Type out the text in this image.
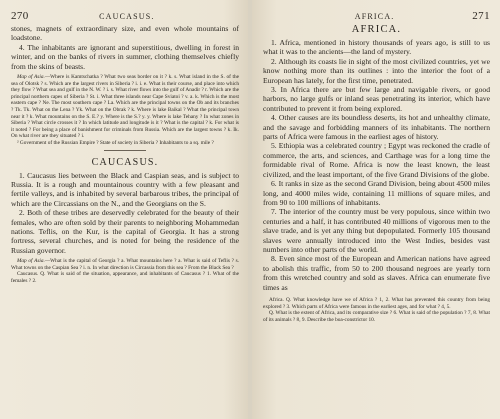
270	CAUCASUS.

stones, magnets of extraordinary size, and even whole mountains of loadstone.

4. The inhabitants are ignorant and superstitious, dwelling in forest in winter, and on the banks of rivers in summer, clothing themselves chiefly from the skins of beasts.

Map of Asia.—Where is Kamtschatka ? What two seas border on it ? k. s. What island in the S. of the sea of Olotsk ? s. Which are the largest rivers in Siberia ? i. i. e. What is their course, and place into which they flow ? What sea and gulf in the N. W. ? i. s. What river flows into the gulf of Anadir ? r. Which are the principal northern capes of Siberia ? St. i. What three islands near Cape Sviatoi ? v. a. k. Which is the most eastern cape ? Ne. The most southern cape ? La. Which are the principal towns on the Ob and its branches ? Tk. Tk. What on the Lena ? Yk. What on the Obrak ? k. Where is lake Baikal ? What the principal town near it ? k. What mountains on the S. E.? y. Where is the S.? y. y. Where is lake Tehany ? In what zones in Siberia ? What circle crosses it ? In which latitude and longitude is it ? What is the capital ? k. For what is it noted ? For being a place of banishment for criminals from Russia. Which are the largest towns ? k. Ik. On what river are they situated ? i.

² Government of the Russian Empire ? State of society in Siberia ? Inhabitants to a sq. mile ?

CAUCASUS.

1. Caucasus lies between the Black and Caspian seas, and is subject to Russia. It is a rough and mountainous country with a few pleasant and fertile valleys, and is inhabited by several barbarous tribes, the principal of which are the Circassians on the N., and the Georgians on the S.

2. Both of these tribes are deservedly celebrated for the beauty of their females, who are often sold by their parents to neighboring Mohammedan nations. Teflis, on the Kur, is the capital of Georgia. It has a strong fortress, several churches, and is noted for being the residence of the Russian governor.

Map of Asia.—What is the capital of Georgia ? a. What mountains here ? a. What is said of Teflis ? s. What towns on the Caspian Sea ? i. n. In what direction is Circassia from this sea ? From the Black Sea ?

Caucasus. Q. What is said of the situation, appearance, and inhabitants of Caucasus ? 1. What of the females ? 2.

AFRICA.	271
AFRICA.

1. Africa, mentioned in history thousands of years ago, is still to us what it was to the ancients—the land of mystery.

2. Although its coasts lie in sight of the most civilized countries, yet we know nothing more than its outlines : into the interior the foot of a European has lately, for the first time, penetrated.

3. In Africa there are but few large and navigable rivers, or good harbors, no large gulfs or inland seas penetrating its interior, which have contributed to prevent it from being explored.

4. Other causes are its boundless deserts, its hot and unhealthy climate, and the savage and forbidding manners of its inhabitants. The northern parts of Africa were famous in the earliest ages of history.

5. Ethiopia was a celebrated country ; Egypt was reckoned the cradle of commerce, the arts, and sciences, and Carthage was for a long time the formidable rival of Rome. Africa is now the least known, the least civilized, and the least important, of the five Grand Divisions of the globe.

6. It ranks in size as the second Grand Division, being about 4500 miles long, and 4000 miles wide, containing 11 millions of square miles, and from 90 to 100 millions of inhabitants.

7. The interior of the country must be very populous, since within two centuries and a half, it has contributed 40 millions of vigorous men to the slave trade, and is yet any thing but depopulated. Formerly 105 thousand slaves were annually introduced into the West Indies, besides vast numbers into other parts of the world.

8. Even since most of the European and American nations have agreed to abolish this traffic, from 50 to 200 thousand negroes are yearly torn from this wretched country and sold as slaves. Africa can enumerate five times as

Africa. Q. What knowledge have we of Africa ? 1, 2. What has prevented this country from being explored ? 3. Which parts of Africa were famous in the earliest ages, and for what ? 4, 5.

Q. What is the extent of Africa, and its comparative size ? 6. What is said of the population ? 7, 8. What of its animals ? 8, 9. Describe the boa-constrictor 10.
